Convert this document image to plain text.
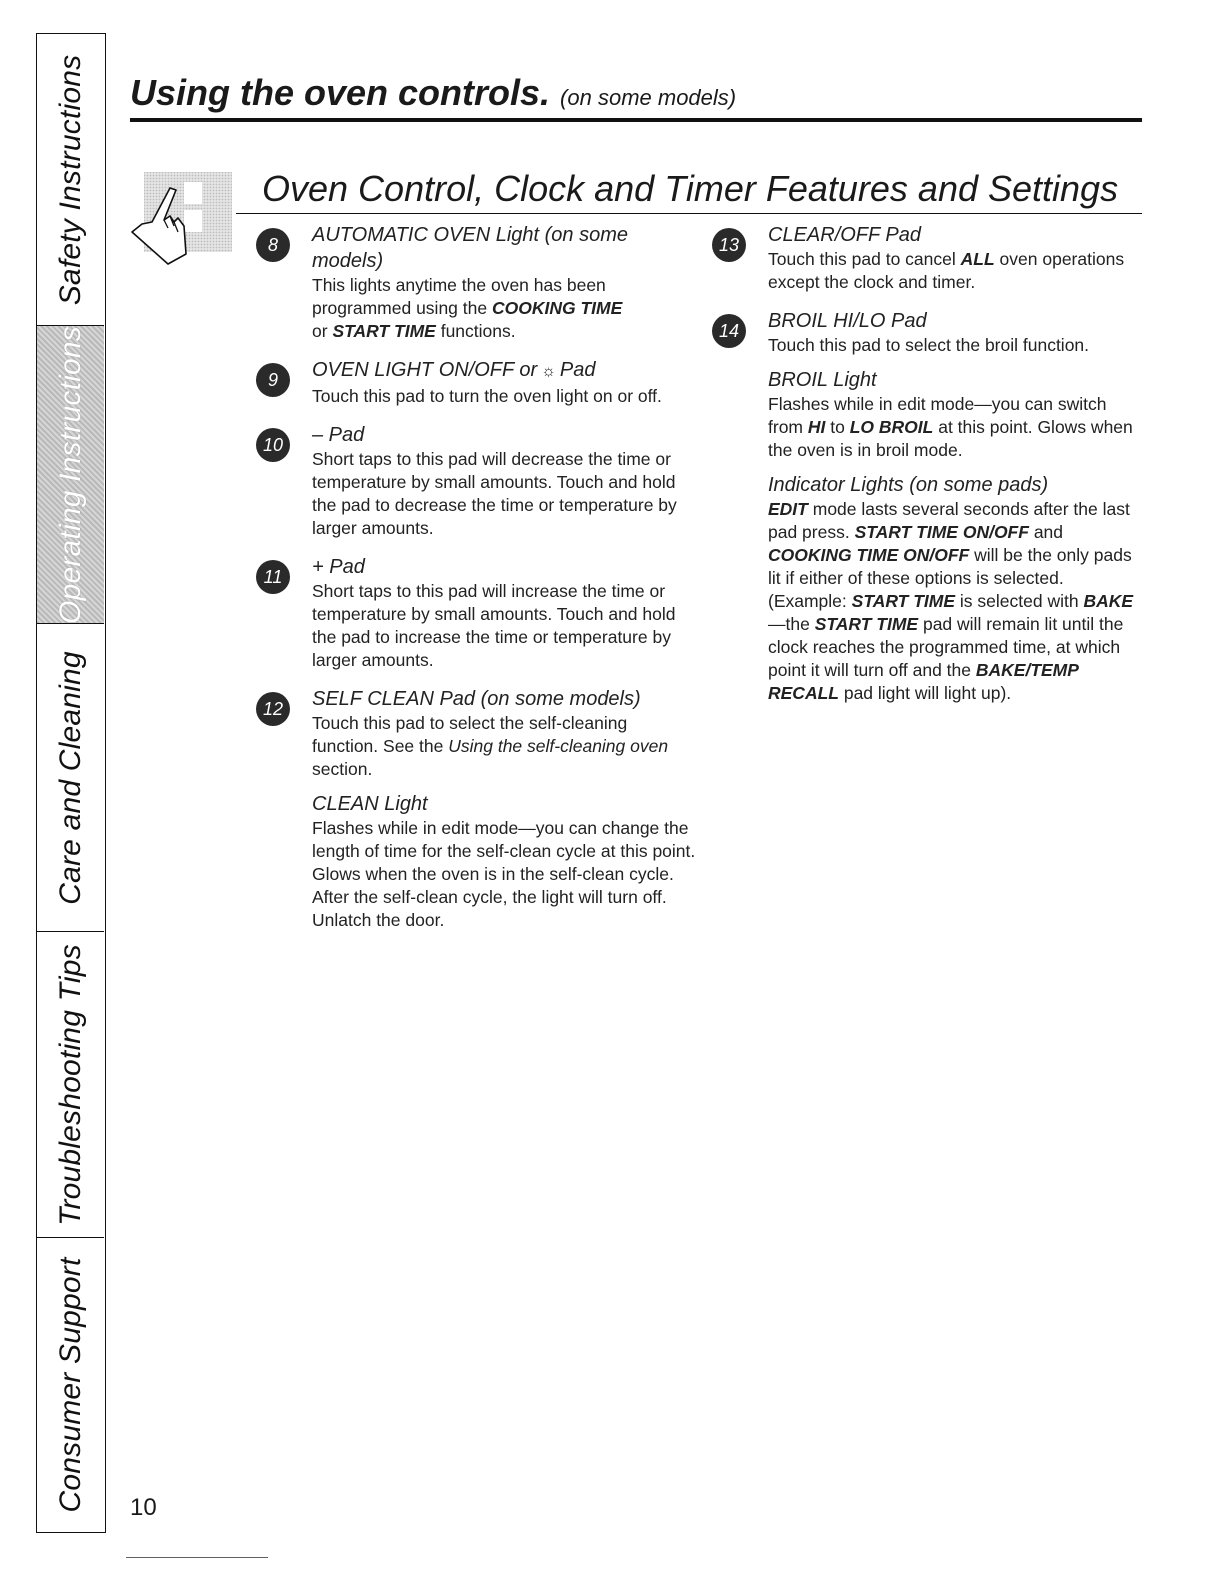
Safety Instructions
Operating Instructions
Care and Cleaning
Troubleshooting Tips
Consumer Support
Using the oven controls. (on some models)
Oven Control, Clock and Timer Features and Settings
8	AUTOMATIC OVEN Light (on some models)
This lights anytime the oven has been programmed using the COOKING TIME
or START TIME functions.
9	OVEN LIGHT ON/OFF or ☼ Pad
Touch this pad to turn the oven light on or off.
10	– Pad
Short taps to this pad will decrease the time or temperature by small amounts. Touch and hold the pad to decrease the time or temperature by larger amounts.
11	+ Pad
Short taps to this pad will increase the time or temperature by small amounts. Touch and hold the pad to increase the time or temperature by larger amounts.
12	SELF CLEAN Pad (on some models)
Touch this pad to select the self-cleaning function. See the Using the self-cleaning oven section.
CLEAN Light
Flashes while in edit mode—you can change the length of time for the self-clean cycle at this point. Glows when the oven is in the self-clean cycle. After the self-clean cycle, the light will turn off. Unlatch the door.
13	CLEAR/OFF Pad
Touch this pad to cancel ALL oven operations except the clock and timer.
14	BROIL HI/LO Pad
Touch this pad to select the broil function.
BROIL Light
Flashes while in edit mode—you can switch from HI to LO BROIL at this point. Glows when the oven is in broil mode.
Indicator Lights (on some pads)
EDIT mode lasts several seconds after the last pad press. START TIME ON/OFF and COOKING TIME ON/OFF will be the only pads lit if either of these options is selected. (Example: START TIME is selected with BAKE—the START TIME pad will remain lit until the clock reaches the programmed time, at which point it will turn off and the BAKE/TEMP RECALL pad light will light up).
10
